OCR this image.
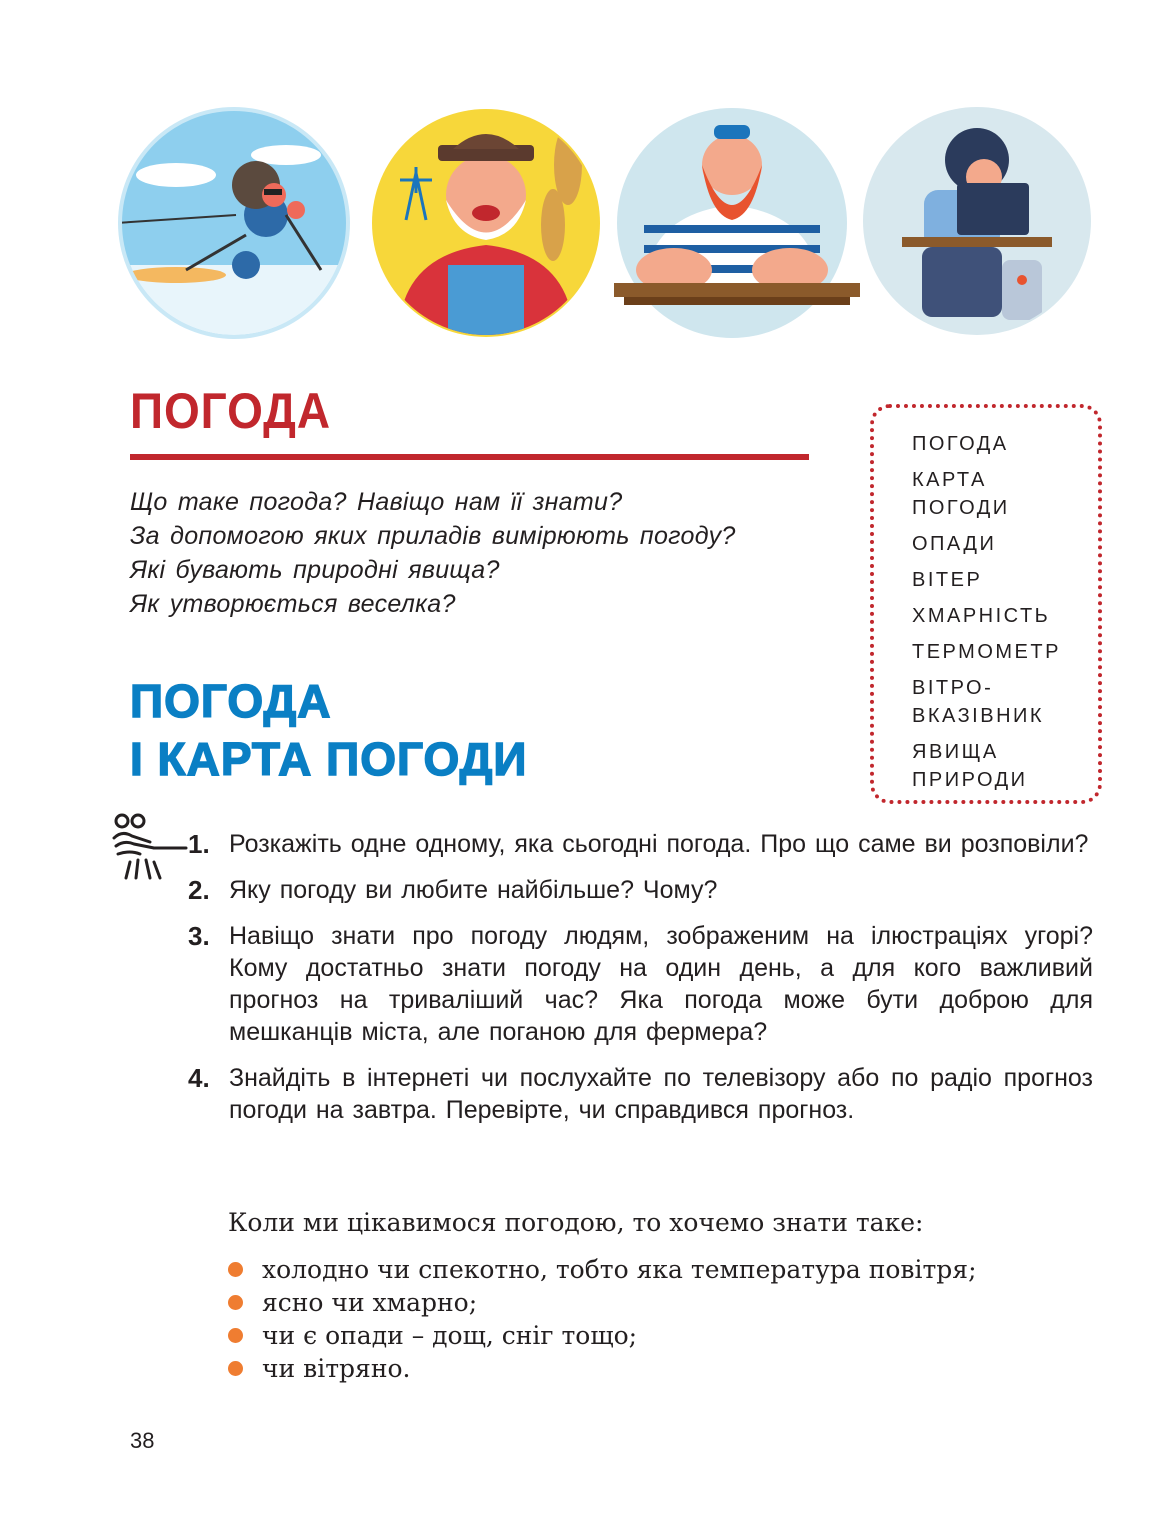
ПОГОДА
Що таке погода? Навіщо нам її знати?
За допомогою яких приладів вимірюють погоду?
Які бувають природні явища?
Як утворюється веселка?
ПОГОДА
КАРТА
ПОГОДИ
ОПАДИ
ВІТЕР
ХМАРНІСТЬ
ТЕРМОМЕТР
ВІТРО-
ВКАЗІВНИК
ЯВИЩА
ПРИРОДИ
ПОГОДА
І КАРТА ПОГОДИ
1. Розкажіть одне одному, яка сьогодні погода. Про що саме ви розповіли?
2. Яку погоду ви любите найбільше? Чому?
3. Навіщо знати про погоду людям, зображеним на ілюстраціях угорі? Кому достатньо знати погоду на один день, а для кого важливий прогноз на триваліший час? Яка погода може бути доброю для мешканців міста, але поганою для фермера?
4. Знайдіть в інтернеті чи послухайте по телевізору або по радіо прогноз погоди на завтра. Перевірте, чи справдився прогноз.

Коли ми цікавимося погодою, то хочемо знати таке:

холодно чи спекотно, тобто яка температура повітря;
ясно чи хмарно;
чи є опади – дощ, сніг тощо;
чи вітряно.
38
